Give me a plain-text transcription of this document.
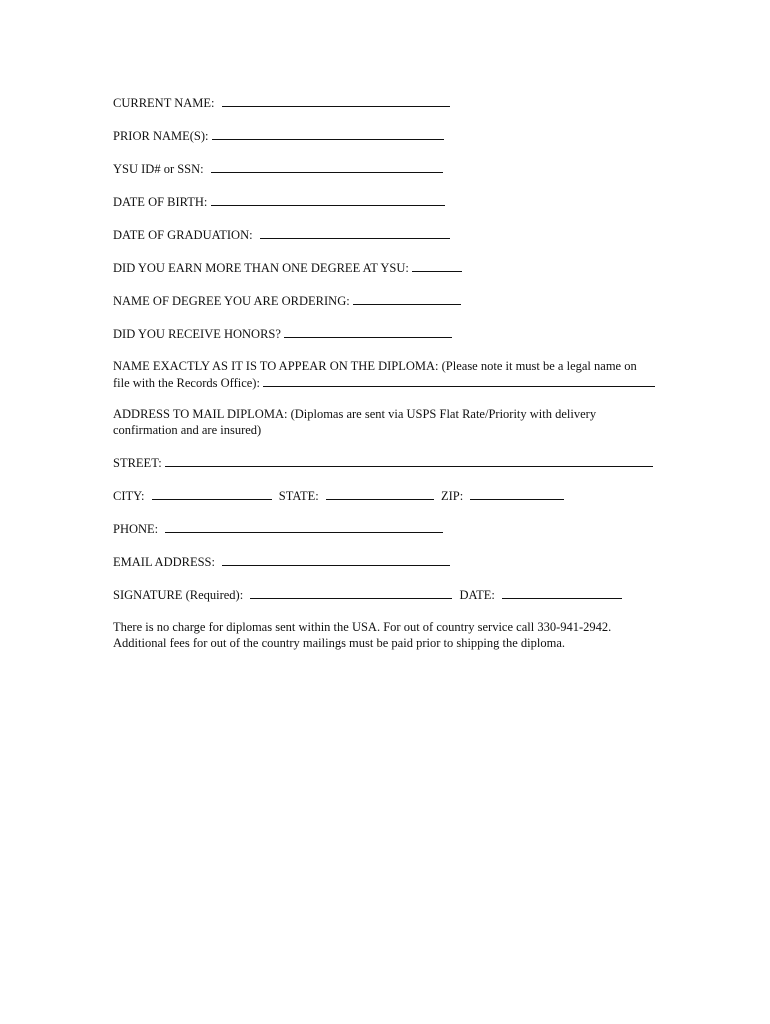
CURRENT NAME:
PRIOR NAME(S):
YSU ID# or SSN:
DATE OF BIRTH:
DATE OF GRADUATION:
DID YOU EARN MORE THAN ONE DEGREE AT YSU:
NAME OF DEGREE YOU ARE ORDERING:
DID YOU RECEIVE HONORS?
NAME EXACTLY AS IT IS TO APPEAR ON THE DIPLOMA: (Please note it must be a legal name on
file with the Records Office):
ADDRESS TO MAIL DIPLOMA: (Diplomas are sent via USPS Flat Rate/Priority with delivery
confirmation and are insured)
STREET:
CITY:	STATE:	ZIP:
PHONE:
EMAIL ADDRESS:
SIGNATURE (Required):	DATE:
There is no charge for diplomas sent within the USA. For out of country service call 330-941-2942.
Additional fees for out of the country mailings must be paid prior to shipping the diploma.
